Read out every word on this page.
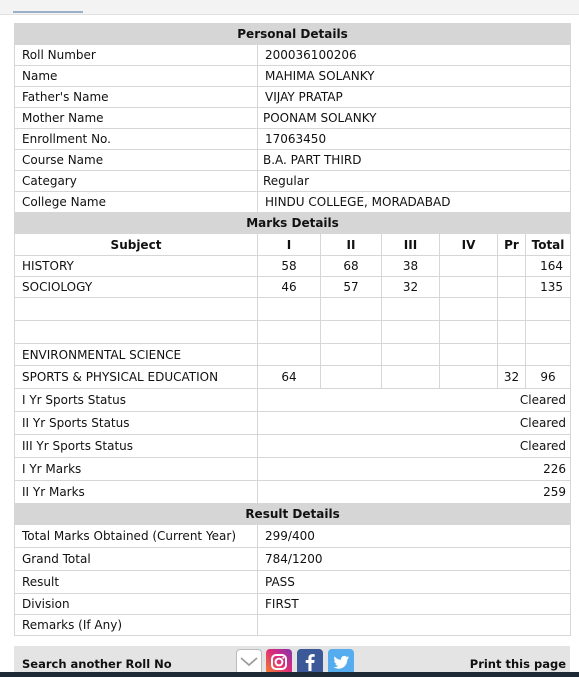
Personal Details						
Roll Number	200036100206					
Name	MAHIMA SOLANKY					
Father's Name	VIJAY PRATAP					
Mother Name	POONAM SOLANKY					
Enrollment No.	17063450					
Course Name	B.A. PART THIRD					
Categary	Regular					
College Name	HINDU COLLEGE, MORADABAD					
Marks Details						
Subject	I	II	III	IV	Pr	Total
HISTORY	58	68	38			164
SOCIOLOGY	46	57	32			135

ENVIRONMENTAL SCIENCE						
SPORTS & PHYSICAL EDUCATION	64				32	96
I Yr Sports Status	Cleared					
II Yr Sports Status	Cleared					
III Yr Sports Status	Cleared					
I Yr Marks	226					
II Yr Marks	259					
Result Details						
Total Marks Obtained (Current Year)	299/400					
Grand Total	784/1200					
Result	PASS					
Division	FIRST					
Remarks (If Any)						
Search another Roll No	Print this page
